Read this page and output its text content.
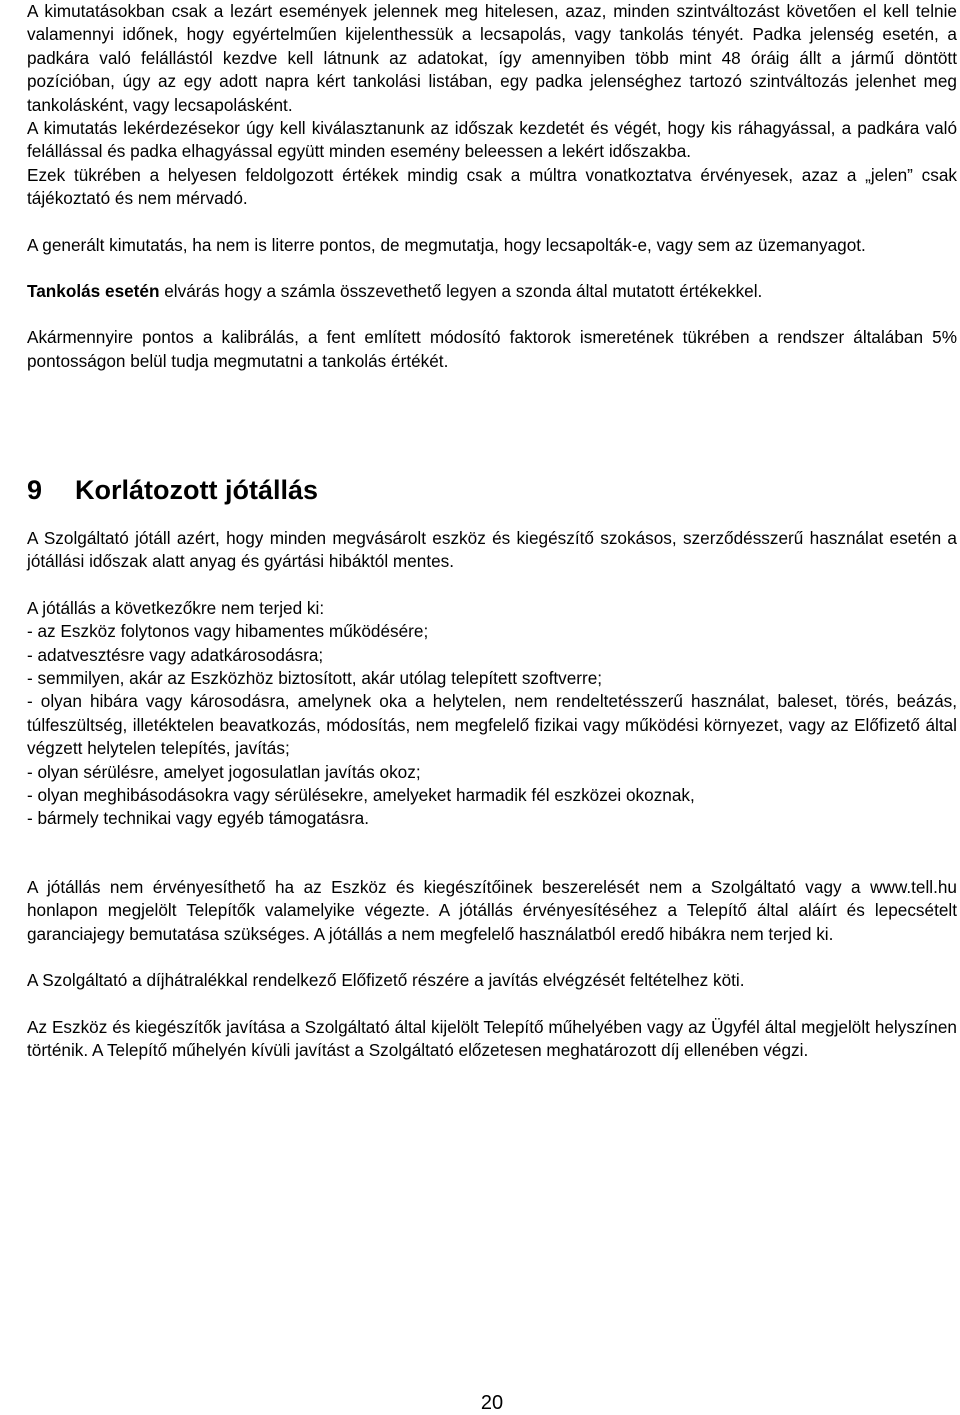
A kimutatásokban csak a lezárt események jelennek meg hitelesen, azaz, minden szintváltozást követően el kell telnie valamennyi időnek, hogy egyértelműen kijelenthessük a lecsapolás, vagy tankolás tényét. Padka jelenség esetén, a padkára való felállástól kezdve kell látnunk az adatokat, így amennyiben több mint 48 óráig állt a jármű döntött pozícióban, úgy az egy adott napra kért tankolási listában, egy padka jelenséghez tartozó szintváltozás jelenhet meg tankolásként, vagy lecsapolásként.

A kimutatás lekérdezésekor úgy kell kiválasztanunk az időszak kezdetét és végét, hogy kis ráhagyással, a padkára való felállással és padka elhagyással együtt minden esemény beleessen a lekért időszakba.

Ezek tükrében a helyesen feldolgozott értékek mindig csak a múltra vonatkoztatva érvényesek, azaz a „jelen” csak tájékoztató és nem mérvadó.

A generált kimutatás, ha nem is literre pontos, de megmutatja, hogy lecsapolták-e, vagy sem az üzemanyagot.

Tankolás esetén elvárás hogy a számla összevethető legyen a szonda által mutatott értékekkel.

Akármennyire pontos a kalibrálás, a fent említett módosító faktorok ismeretének tükrében a rendszer általában 5% pontosságon belül tudja megmutatni a tankolás értékét.

9 Korlátozott jótállás

A Szolgáltató jótáll azért, hogy minden megvásárolt eszköz és kiegészítő szokásos, szerződésszerű használat esetén a jótállási időszak alatt anyag és gyártási hibáktól mentes.

A jótállás a következőkre nem terjed ki:

- az Eszköz folytonos vagy hibamentes működésére;

- adatvesztésre vagy adatkárosodásra;

- semmilyen, akár az Eszközhöz biztosított, akár utólag telepített szoftverre;

- olyan hibára vagy károsodásra, amelynek oka a helytelen, nem rendeltetésszerű használat, baleset, törés, beázás, túlfeszültség, illetéktelen beavatkozás, módosítás, nem megfelelő fizikai vagy működési környezet, vagy az Előfizető által végzett helytelen telepítés, javítás;

- olyan sérülésre, amelyet jogosulatlan javítás okoz;

- olyan meghibásodásokra vagy sérülésekre, amelyeket harmadik fél eszközei okoznak,

- bármely technikai vagy egyéb támogatásra.

A jótállás nem érvényesíthető ha az Eszköz és kiegészítőinek beszerelését nem a Szolgáltató vagy a www.tell.hu honlapon megjelölt Telepítők valamelyike végezte. A jótállás érvényesítéséhez a Telepítő által aláírt és lepecsételt garanciajegy bemutatása szükséges. A jótállás a nem megfelelő használatból eredő hibákra nem terjed ki.

A Szolgáltató a díjhátralékkal rendelkező Előfizető részére a javítás elvégzését feltételhez köti.

Az Eszköz és kiegészítők javítása a Szolgáltató által kijelölt Telepítő műhelyében vagy az Ügyfél által megjelölt helyszínen történik. A Telepítő műhelyén kívüli javítást a Szolgáltató előzetesen meghatározott díj ellenében végzi.

20
